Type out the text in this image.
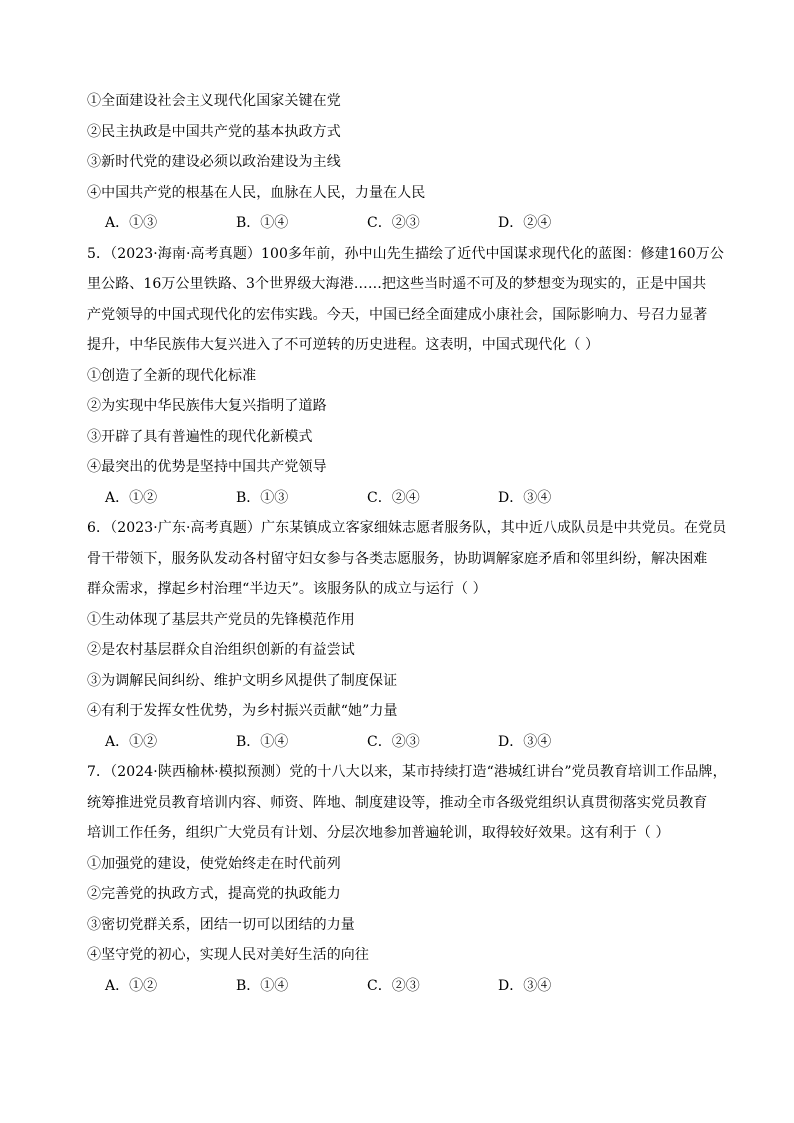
①全面建设社会主义现代化国家关键在党
②民主执政是中国共产党的基本执政方式
③新时代党的建设必须以政治建设为主线
④中国共产党的根基在人民，血脉在人民，力量在人民
A．①③	B．①④	C．②③	D．②④
5．（2023·海南·高考真题）100多年前，孙中山先生描绘了近代中国谋求现代化的蓝图：修建160万公
里公路、16万公里铁路、3个世界级大海港……把这些当时遥不可及的梦想变为现实的，正是中国共
产党领导的中国式现代化的宏伟实践。今天，中国已经全面建成小康社会，国际影响力、号召力显著
提升，中华民族伟大复兴进入了不可逆转的历史进程。这表明，中国式现代化（ ）
①创造了全新的现代化标准
②为实现中华民族伟大复兴指明了道路
③开辟了具有普遍性的现代化新模式
④最突出的优势是坚持中国共产党领导
A．①②	B．①③	C．②④	D．③④
6．（2023·广东·高考真题）广东某镇成立客家细妹志愿者服务队，其中近八成队员是中共党员。在党员
骨干带领下，服务队发动各村留守妇女参与各类志愿服务，协助调解家庭矛盾和邻里纠纷，解决困难
群众需求，撑起乡村治理“半边天”。该服务队的成立与运行（ ）
①生动体现了基层共产党员的先锋模范作用
②是农村基层群众自治组织创新的有益尝试
③为调解民间纠纷、维护文明乡风提供了制度保证
④有利于发挥女性优势，为乡村振兴贡献“她”力量
A．①②	B．①④	C．②③	D．③④
7．（2024·陕西榆林·模拟预测）党的十八大以来，某市持续打造“港城红讲台”党员教育培训工作品牌，
统筹推进党员教育培训内容、师资、阵地、制度建设等，推动全市各级党组织认真贯彻落实党员教育
培训工作任务，组织广大党员有计划、分层次地参加普遍轮训，取得较好效果。这有利于（ ）
①加强党的建设，使党始终走在时代前列
②完善党的执政方式，提高党的执政能力
③密切党群关系，团结一切可以团结的力量
④坚守党的初心，实现人民对美好生活的向往
A．①②	B．①④	C．②③	D．③④
